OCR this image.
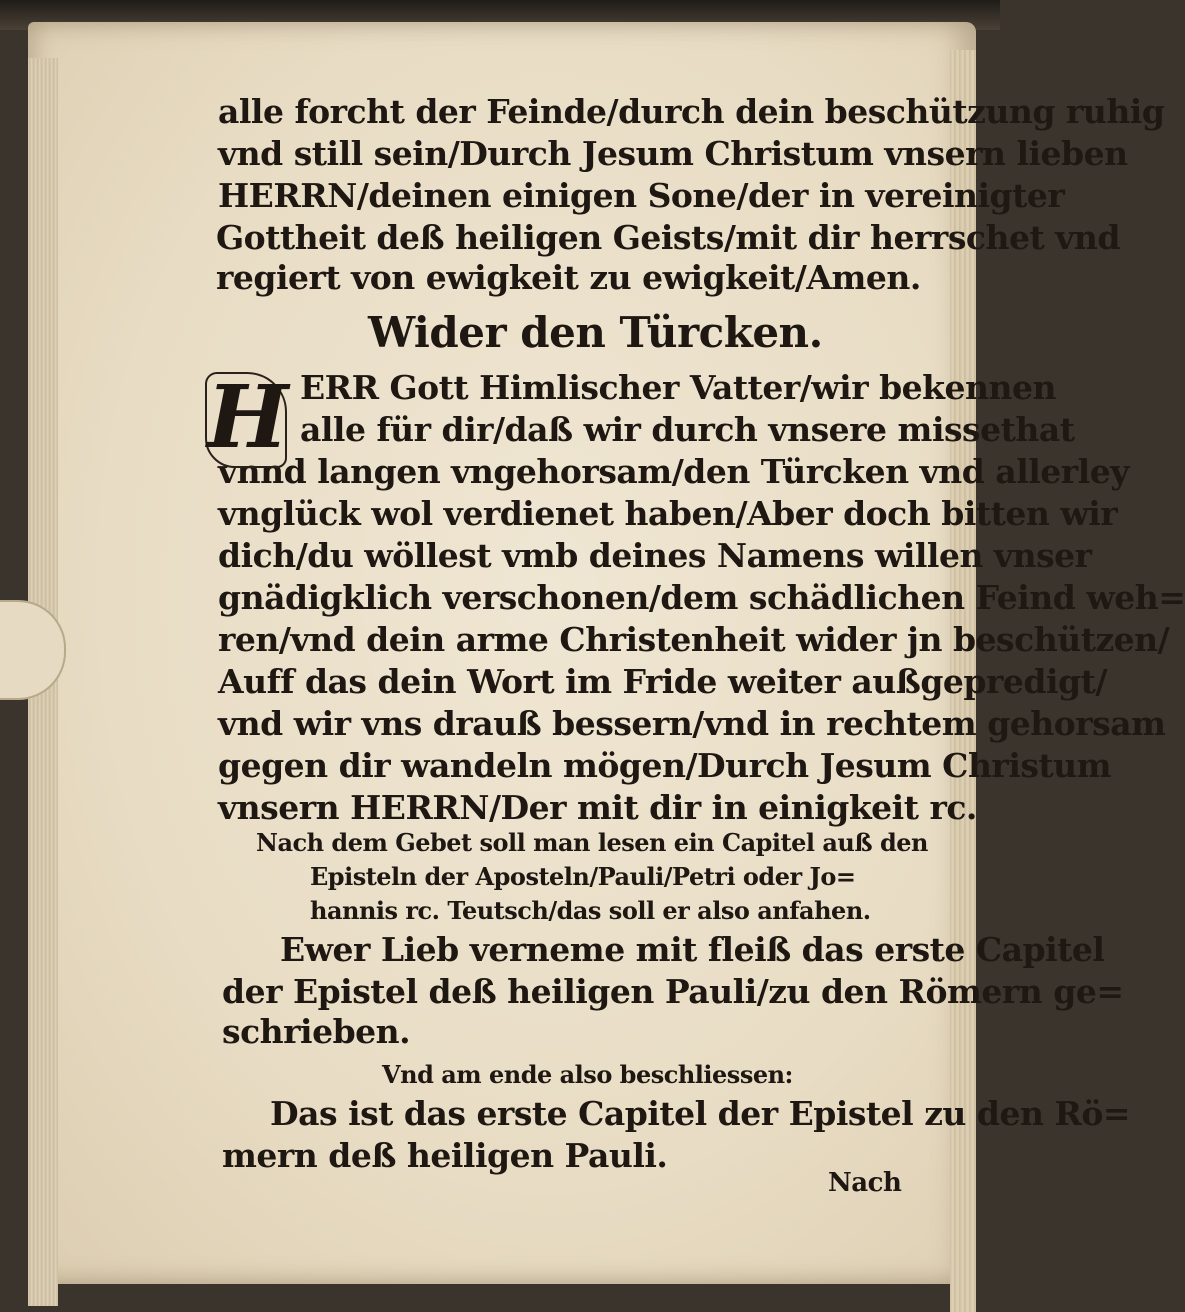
alle forcht der Feinde/durch dein beschützung ruhig
vnd still sein/Durch Jesum Christum vnsern lieben
HERRN/deinen einigen Sone/der in vereinigter
Gottheit deß heiligen Geists/mit dir herrschet vnd
regiert von ewigkeit zu ewigkeit/Amen.
Wider den Türcken.
ERR Gott Himlischer Vatter/wir bekennen
alle für dir/daß wir durch vnsere missethat
vnnd langen vngehorsam/den Türcken vnd allerley
vnglück wol verdienet haben/Aber doch bitten wir
dich/du wöllest vmb deines Namens willen vnser
gnädigklich verschonen/dem schädlichen Feind weh=
ren/vnd dein arme Christenheit wider jn beschützen/
Auff das dein Wort im Fride weiter außgepredigt/
vnd wir vns drauß bessern/vnd in rechtem gehorsam
gegen dir wandeln mögen/Durch Jesum Christum
vnsern HERRN/Der mit dir in einigkeit rc.
Nach dem Gebet soll man lesen ein Capitel auß den
Episteln der Aposteln/Pauli/Petri oder Jo=
hannis rc. Teutsch/das soll er also anfahen.
Ewer Lieb verneme mit fleiß das erste Capitel
der Epistel deß heiligen Pauli/zu den Römern ge=
schrieben.
Vnd am ende also beschliessen:
Das ist das erste Capitel der Epistel zu den Rö=
mern deß heiligen Pauli.
Nach
H
